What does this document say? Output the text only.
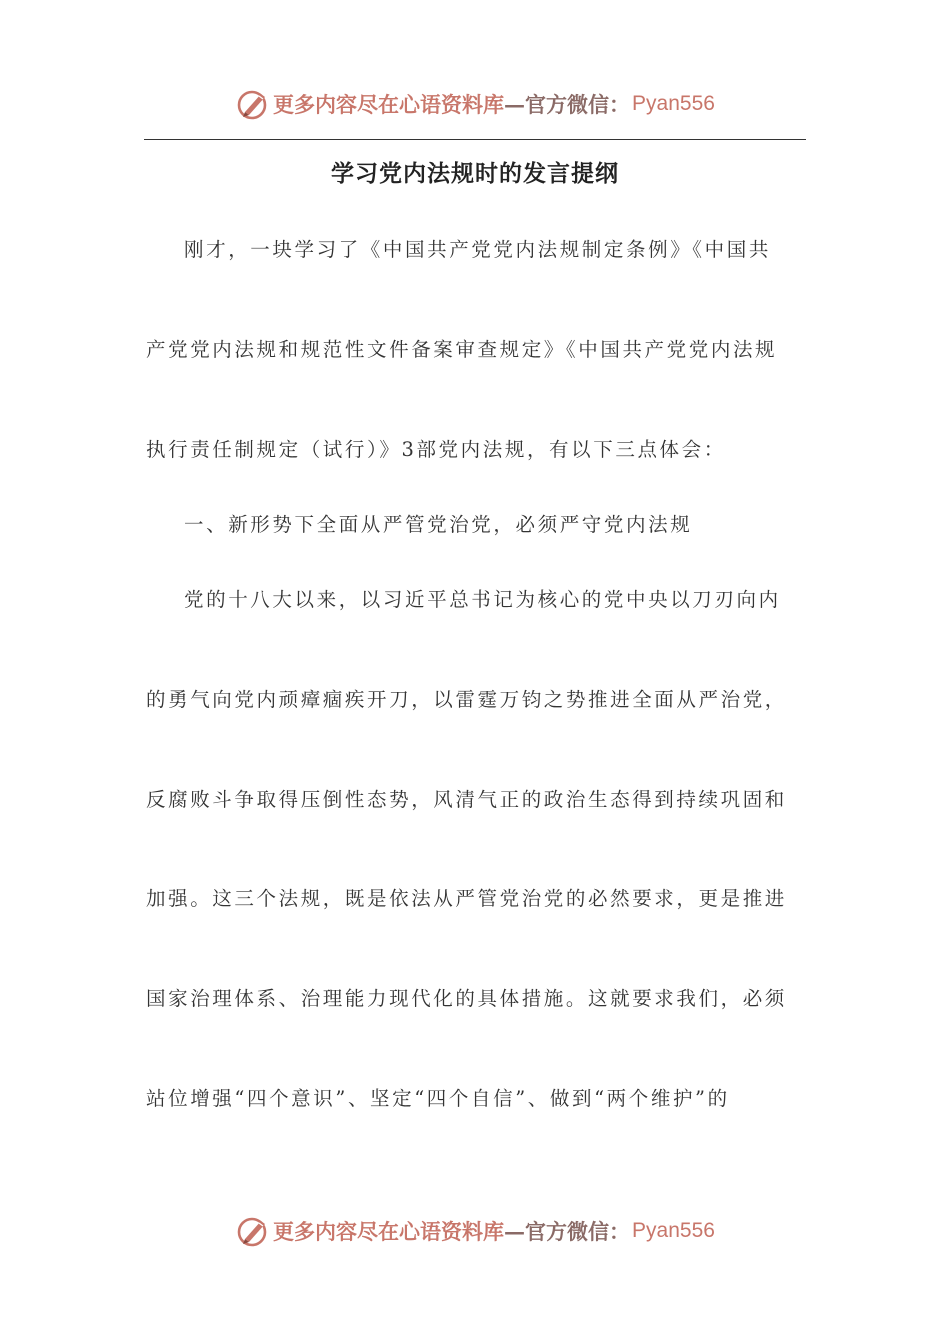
更多内容尽在心语资料库 — 官方微信： Pyan556
学习党内法规时的发言提纲
刚才，一块学习了《中国共产党党内法规制定条例》《中国共
产党党内法规和规范性文件备案审查规定》《中国共产党党内法规
执行责任制规定（试行）》3部党内法规，有以下三点体会：
一、新形势下全面从严管党治党，必须严守党内法规
党的十八大以来，以习近平总书记为核心的党中央以刀刃向内
的勇气向党内顽瘴痼疾开刀，以雷霆万钧之势推进全面从严治党，
反腐败斗争取得压倒性态势，风清气正的政治生态得到持续巩固和
加强。这三个法规，既是依法从严管党治党的必然要求，更是推进
国家治理体系、治理能力现代化的具体措施。这就要求我们，必须
站位增强“四个意识”、坚定“四个自信”、做到“两个维护”的
更多内容尽在心语资料库 — 官方微信： Pyan556
